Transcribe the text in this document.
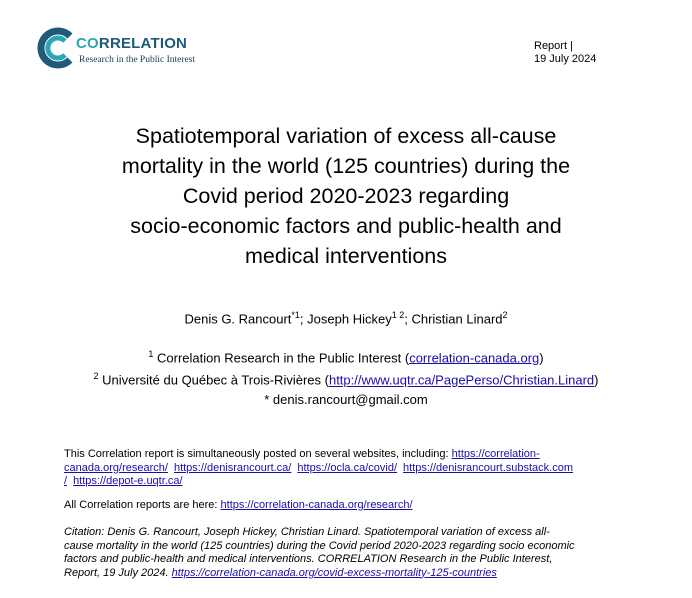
CORRELATION
Research in the Public Interest
Report |
19 July 2024
Spatiotemporal variation of excess all-cause
mortality in the world (125 countries) during the
Covid period 2020-2023 regarding
socio-economic factors and public-health and
medical interventions
Denis G. Rancourt$^{*1}$; Joseph Hickey$^{1 2}$; Christian Linard$^2$
$^1$ Correlation Research in the Public Interest (correlation-canada.org)
$^2$ Université du Québec à Trois-Rivières (http://www.uqtr.ca/PagePerso/Christian.Linard)
* denis.rancourt@gmail.com
This Correlation report is simultaneously posted on several websites, including: https://correlation-
canada.org/research/ https://denisrancourt.ca/ https://ocla.ca/covid/ https://denisrancourt.substack.com
/ https://depot-e.uqtr.ca/
All Correlation reports are here: https://correlation-canada.org/research/
Citation: Denis G. Rancourt, Joseph Hickey, Christian Linard. Spatiotemporal variation of excess all-
cause mortality in the world (125 countries) during the Covid period 2020-2023 regarding socio economic
factors and public-health and medical interventions. CORRELATION Research in the Public Interest,
Report, 19 July 2024. https://correlation-canada.org/covid-excess-mortality-125-countries
